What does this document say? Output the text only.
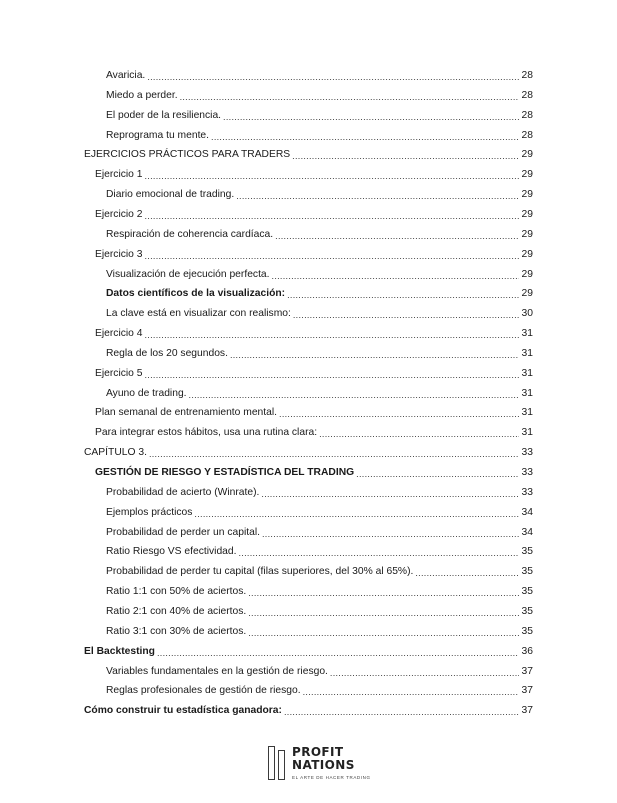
Avaricia. .....	28
Miedo a perder. .....	28
El poder de la resiliencia. .....	28
Reprograma tu mente. .....	28
EJERCICIOS PRÁCTICOS PARA TRADERS .....	29
Ejercicio 1 .....	29
Diario emocional de trading. .....	29
Ejercicio 2 .....	29
Respiración de coherencia cardíaca. .....	29
Ejercicio 3 .....	29
Visualización de ejecución perfecta. .....	29
Datos científicos de la visualización: .....	29
La clave está en visualizar con realismo: .....	30
Ejercicio 4 .....	31
Regla de los 20 segundos. .....	31
Ejercicio 5 .....	31
Ayuno de trading. .....	31
Plan semanal de entrenamiento mental. .....	31
Para integrar estos hábitos, usa una rutina clara: .....	31
CAPÍTULO 3. .....	33
GESTIÓN DE RIESGO Y ESTADÍSTICA DEL TRADING .....	33
Probabilidad de acierto (Winrate). .....	33
Ejemplos prácticos .....	34
Probabilidad de perder un capital. .....	34
Ratio Riesgo VS efectividad. .....	35
Probabilidad de perder tu capital (filas superiores, del 30% al 65%). .....	35
Ratio 1:1 con 50% de aciertos. .....	35
Ratio 2:1 con 40% de aciertos. .....	35
Ratio 3:1 con 30% de aciertos. .....	35
El Backtesting .....	36
Variables fundamentales en la gestión de riesgo. .....	37
Reglas profesionales de gestión de riesgo. .....	37
Cómo construir tu estadística ganadora: .....	37
PROFIT
NATIONS
EL ARTE DE HACER TRADING
